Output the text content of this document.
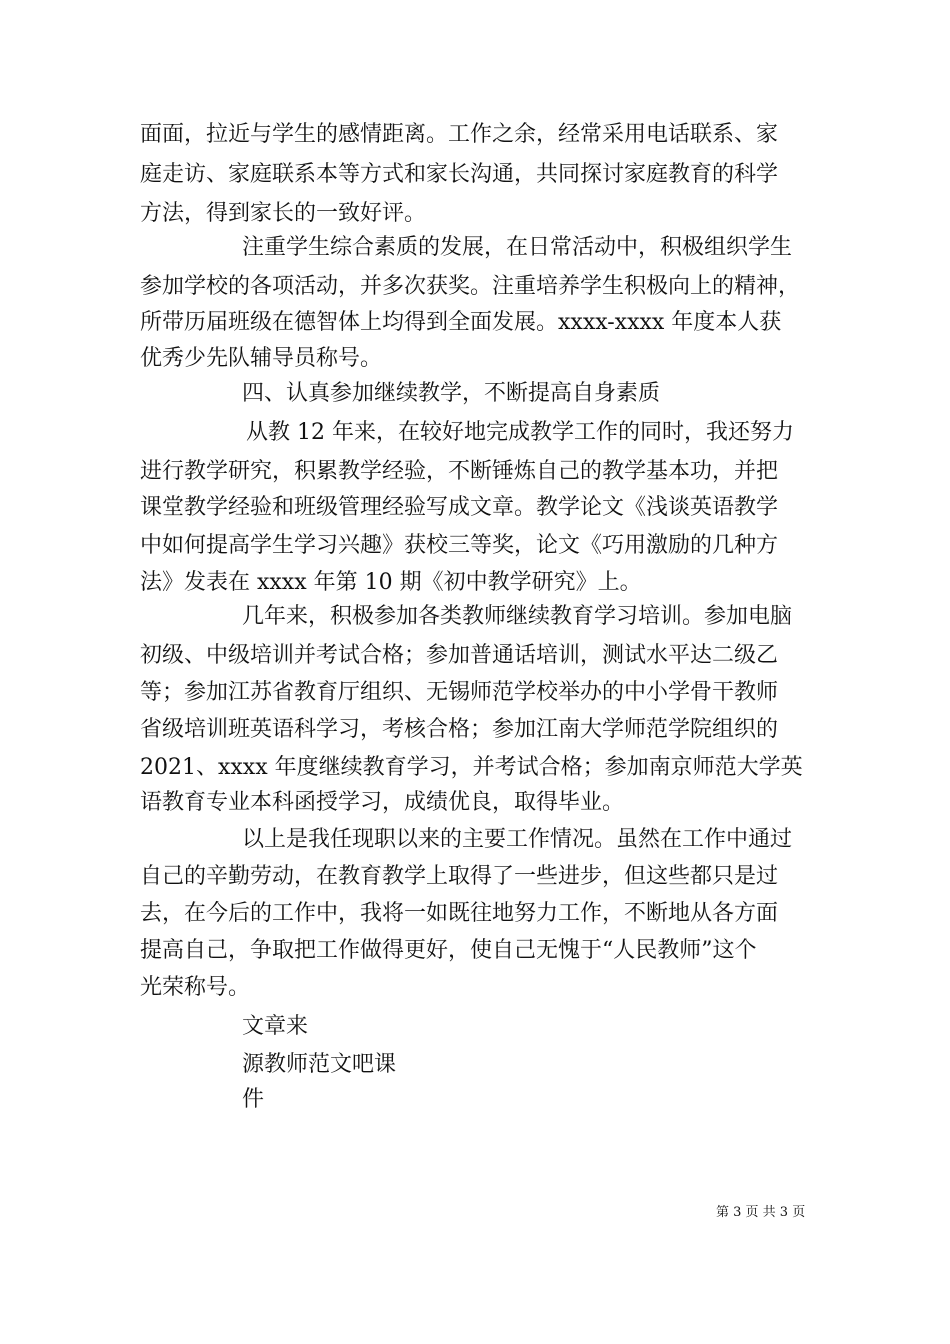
面面，拉近与学生的感情距离。工作之余，经常采用电话联系、家
庭走访、家庭联系本等方式和家长沟通，共同探讨家庭教育的科学
方法，得到家长的一致好评。
注重学生综合素质的发展，在日常活动中，积极组织学生
参加学校的各项活动，并多次获奖。注重培养学生积极向上的精神，
所带历届班级在德智体上均得到全面发展。xxxx-xxxx 年度本人获
优秀少先队辅导员称号。
四、认真参加继续教学，不断提高自身素质
从教 12 年来，在较好地完成教学工作的同时，我还努力
进行教学研究，积累教学经验，不断锤炼自己的教学基本功，并把
课堂教学经验和班级管理经验写成文章。教学论文《浅谈英语教学
中如何提高学生学习兴趣》获校三等奖，论文《巧用激励的几种方
法》发表在 xxxx 年第 10 期《初中教学研究》上。
几年来，积极参加各类教师继续教育学习培训。参加电脑
初级、中级培训并考试合格；参加普通话培训，测试水平达二级乙
等；参加江苏省教育厅组织、无锡师范学校举办的中小学骨干教师
省级培训班英语科学习，考核合格；参加江南大学师范学院组织的
2021、xxxx 年度继续教育学习，并考试合格；参加南京师范大学英
语教育专业本科函授学习，成绩优良，取得毕业。
以上是我任现职以来的主要工作情况。虽然在工作中通过
自己的辛勤劳动，在教育教学上取得了一些进步，但这些都只是过
去，在今后的工作中，我将一如既往地努力工作，不断地从各方面
提高自己，争取把工作做得更好，使自己无愧于“人民教师”这个
光荣称号。
文章来
源教师范文吧课
件
第 3 页 共 3 页
